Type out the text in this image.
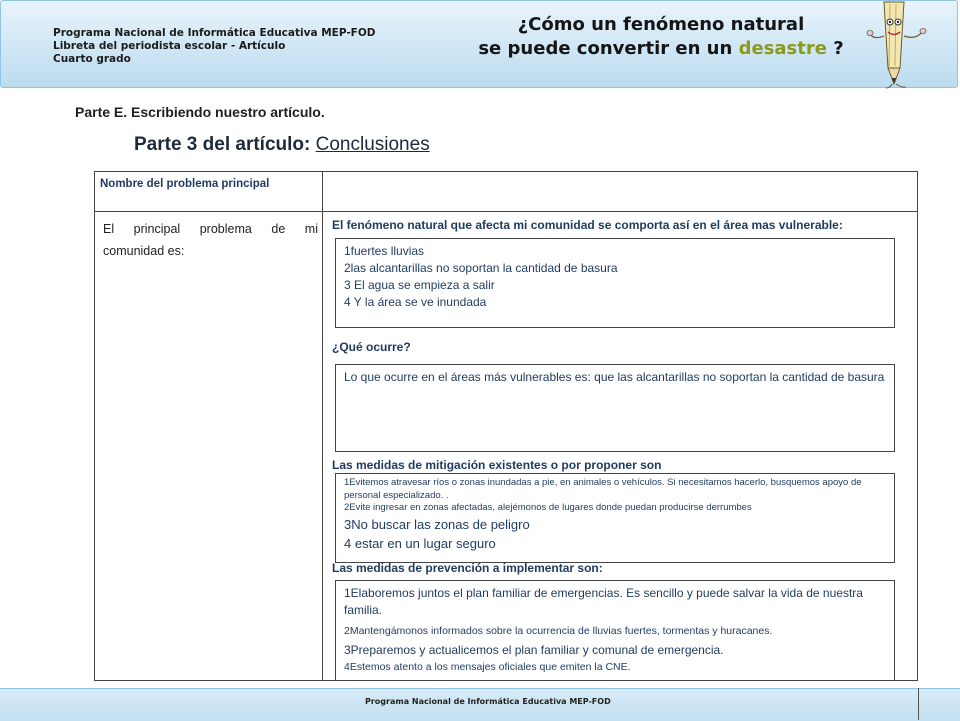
Programa Nacional de Informática Educativa MEP-FOD
Libreta del periodista escolar - Artículo
Cuarto grado
¿Cómo un fenómeno natural
se puede convertir en un desastre ?
Parte E. Escribiendo nuestro artículo.
Parte 3 del artículo: Conclusiones
Nombre del problema principal
El principal problema de mi comunidad es:
El fenómeno natural que afecta mi comunidad se comporta así en el área mas vulnerable:

1fuertes lluvias

2las alcantarillas no soportan la cantidad de basura

3 El agua se empieza a salir

4 Y la área se ve inundada

¿Qué ocurre?

Lo que ocurre en el áreas más vulnerables es: que las alcantarillas no soportan la cantidad de basura

Las medidas de mitigación existentes o por proponer son

1Evitemos atravesar ríos o zonas inundadas a pie, en animales o vehículos. Si necesitamos hacerlo, busquemos apoyo de personal especializado. .

2Evite ingresar en zonas afectadas, alejémonos de lugares donde puedan producirse derrumbes

3No buscar las zonas de peligro

4 estar en un lugar seguro

Las medidas de prevención a implementar son:

1Elaboremos juntos el plan familiar de emergencias. Es sencillo y puede salvar la vida de nuestra familia.

2Mantengámonos informados sobre la ocurrencia de lluvias fuertes, tormentas y huracanes.

3Preparemos y actualicemos el plan familiar y comunal de emergencia.

4Estemos atento a los mensajes oficiales que emiten la CNE.

Programa Nacional de Informática Educativa MEP-FOD
